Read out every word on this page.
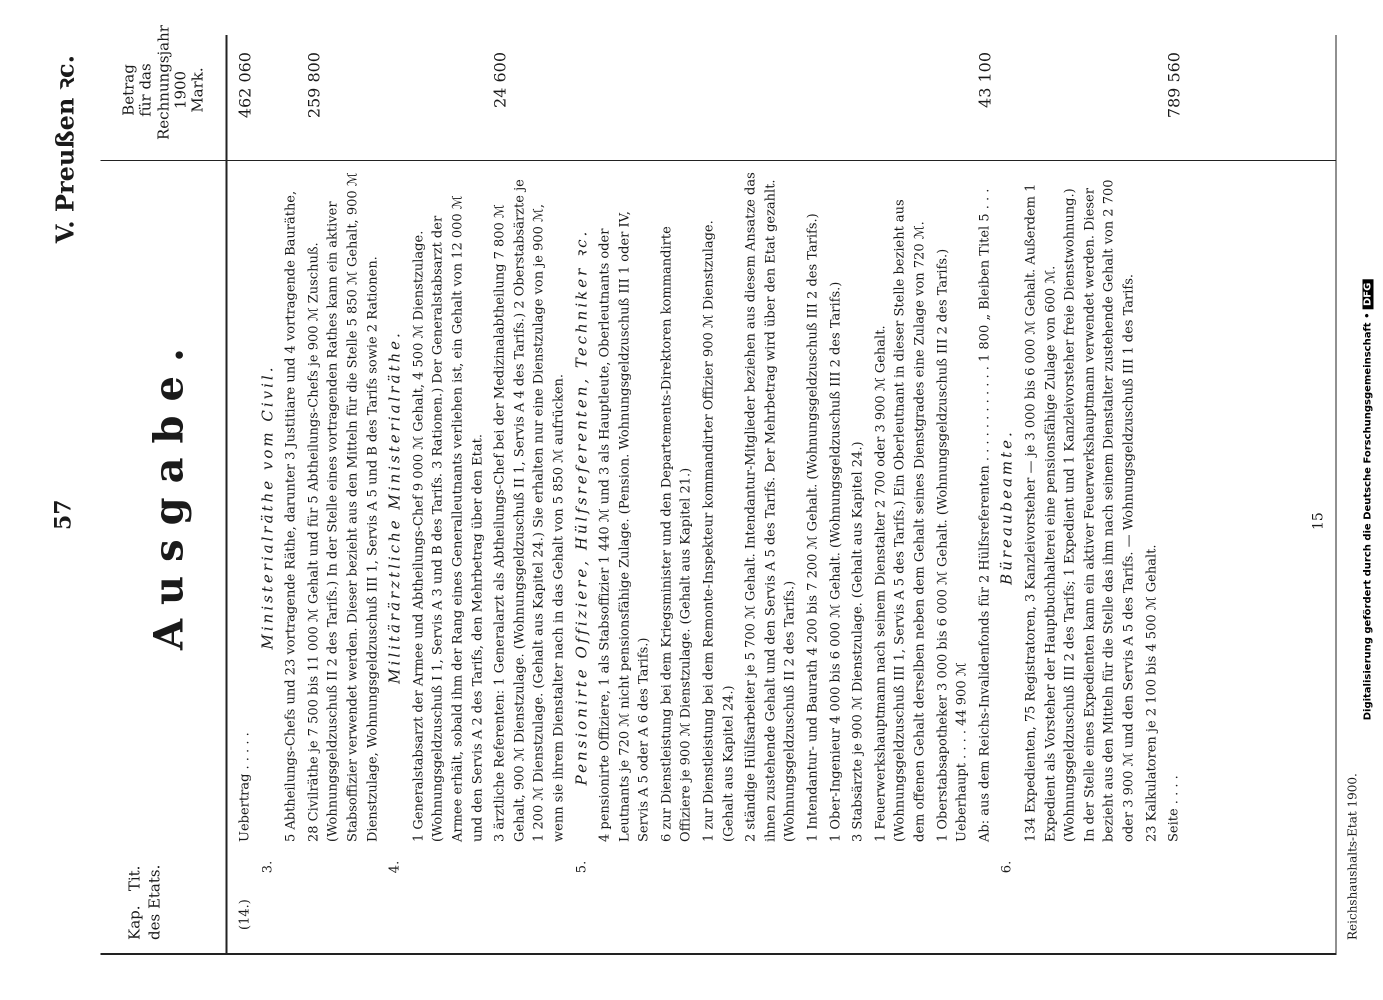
57
V. Preußen ꝛc.
Ausgabe.
Kap.   Tit. des Etats.
Betrag für das Rechnungsjahr 1900 Mark.
(14.)
Uebertrag . . . . .
462 060
3.
Ministerialräthe vom Civil. 5 Abtheilungs-Chefs und 23 vortragende Räthe, darunter 3 Justitiare und 4 vortragende Bauräthe, 28 Civilräthe je 7 500 bis 11 000 ℳ Gehalt und für 5 Abtheilungs-Chefs je 900 ℳ Zuschuß. (Wohnungsgeldzuschuß II 2 des Tarifs.) In der Stelle eines vortragenden Rathes kann ein aktiver Stabsoffizier verwendet werden. Dieser bezieht aus den Mitteln für die Stelle 5 850 ℳ Gehalt, 900 ℳ Dienstzulage, Wohnungsgeldzuschuß III 1, Servis A 5 und B des Tarifs sowie 2 Rationen.
259 800
4.
Militärärztliche Ministerialräthe. 1 Generalstabsarzt der Armee und Abtheilungs-Chef 9 000 ℳ Gehalt, 4 500 ℳ Dienstzulage. (Wohnungsgeldzuschuß I 1, Servis A 3 und B des Tarifs. 3 Rationen.) Der Generalstabsarzt der Armee erhält, sobald ihm der Rang eines Generalleutnants verliehen ist, ein Gehalt von 12 000 ℳ und den Servis A 2 des Tarifs, den Mehrbetrag über den Etat. 3 ärztliche Referenten: 1 Generalarzt als Abtheilungs-Chef bei der Medizinalabtheilung 7 800 ℳ Gehalt, 900 ℳ Dienstzulage. (Wohnungsgeldzuschuß II 1, Servis A 4 des Tarifs.) 2 Oberstabsärzte je 1 200 ℳ Dienstzulage. (Gehalt aus Kapitel 24.) Sie erhalten nur eine Dienstzulage von je 900 ℳ, wenn sie ihrem Dienstalter nach in das Gehalt von 5 850 ℳ aufrücken.
24 600
5.
Pensionirte Offiziere, Hülfsreferenten, Techniker ꝛc. 4 pensionirte Offiziere, 1 als Stabsoffizier 1 440 ℳ und 3 als Hauptleute, Oberleutnants oder Leutnants je 720 ℳ nicht pensionsfähige Zulage. (Pension. Wohnungsgeldzuschuß III 1 oder IV, Servis A 5 oder A 6 des Tarifs.) 6 zur Dienstleistung bei dem Kriegsminister und den Departements-Direktoren kommandirte Offiziere je 900 ℳ Dienstzulage. (Gehalt aus Kapitel 21.) 1 zur Dienstleistung bei dem Remonte-Inspekteur kommandirter Offizier 900 ℳ Dienstzulage. (Gehalt aus Kapitel 24.) 2 ständige Hülfsarbeiter je 5 700 ℳ Gehalt. Intendantur-Mitglieder beziehen aus diesem Ansatze das ihnen zustehende Gehalt und den Servis A 5 des Tarifs. Der Mehrbetrag wird über den Etat gezahlt. (Wohnungsgeldzuschuß II 2 des Tarifs.) 1 Intendantur- und Baurath 4 200 bis 7 200 ℳ Gehalt. (Wohnungsgeldzuschuß III 2 des Tarifs.) 1 Ober-Ingenieur 4 000 bis 6 000 ℳ Gehalt. (Wohnungsgeldzuschuß III 2 des Tarifs.) 3 Stabsärzte je 900 ℳ Dienstzulage. (Gehalt aus Kapitel 24.) 1 Feuerwerkshauptmann nach seinem Dienstalter 2 700 oder 3 900 ℳ Gehalt. (Wohnungsgeldzuschuß III 1, Servis A 5 des Tarifs.) Ein Oberleutnant in dieser Stelle bezieht aus dem offenen Gehalt derselben neben dem Gehalt seines Dienstgrades eine Zulage von 720 ℳ. 1 Oberstabsapotheker 3 000 bis 6 000 ℳ Gehalt. (Wohnungsgeldzuschuß III 2 des Tarifs.) Ueberhaupt . . . . 44 900 ℳ Ab: aus dem Reichs-Invalidenfonds für 2 Hülfsreferenten . . . . . . . . . . . . 1 800 „ Bleiben Titel 5 . . .
43 100
6.
Büreaubeamte. 134 Expedienten, 75 Registratoren, 3 Kanzleivorsteher — je 3 000 bis 6 000 ℳ Gehalt. Außerdem 1 Expedient als Vorsteher der Hauptbuchhalterei eine pensionsfähige Zulage von 600 ℳ. (Wohnungsgeldzuschuß III 2 des Tarifs; 1 Expedient und 1 Kanzleivorsteher freie Dienstwohnung.) In der Stelle eines Expedienten kann ein aktiver Feuerwerkshauptmann verwendet werden. Dieser bezieht aus den Mitteln für die Stelle das ihm nach seinem Dienstalter zustehende Gehalt von 2 700 oder 3 900 ℳ und den Servis A 5 des Tarifs. — Wohnungsgeldzuschuß III 1 des Tarifs. 23 Kalkulatoren je 2 100 bis 4 500 ℳ Gehalt. Seite . . . .
789 560
Reichshaushalts-Etat 1900.
15	Digitalisierung gefördert durch die Deutsche Forschungsgemeinschaft • DFG
